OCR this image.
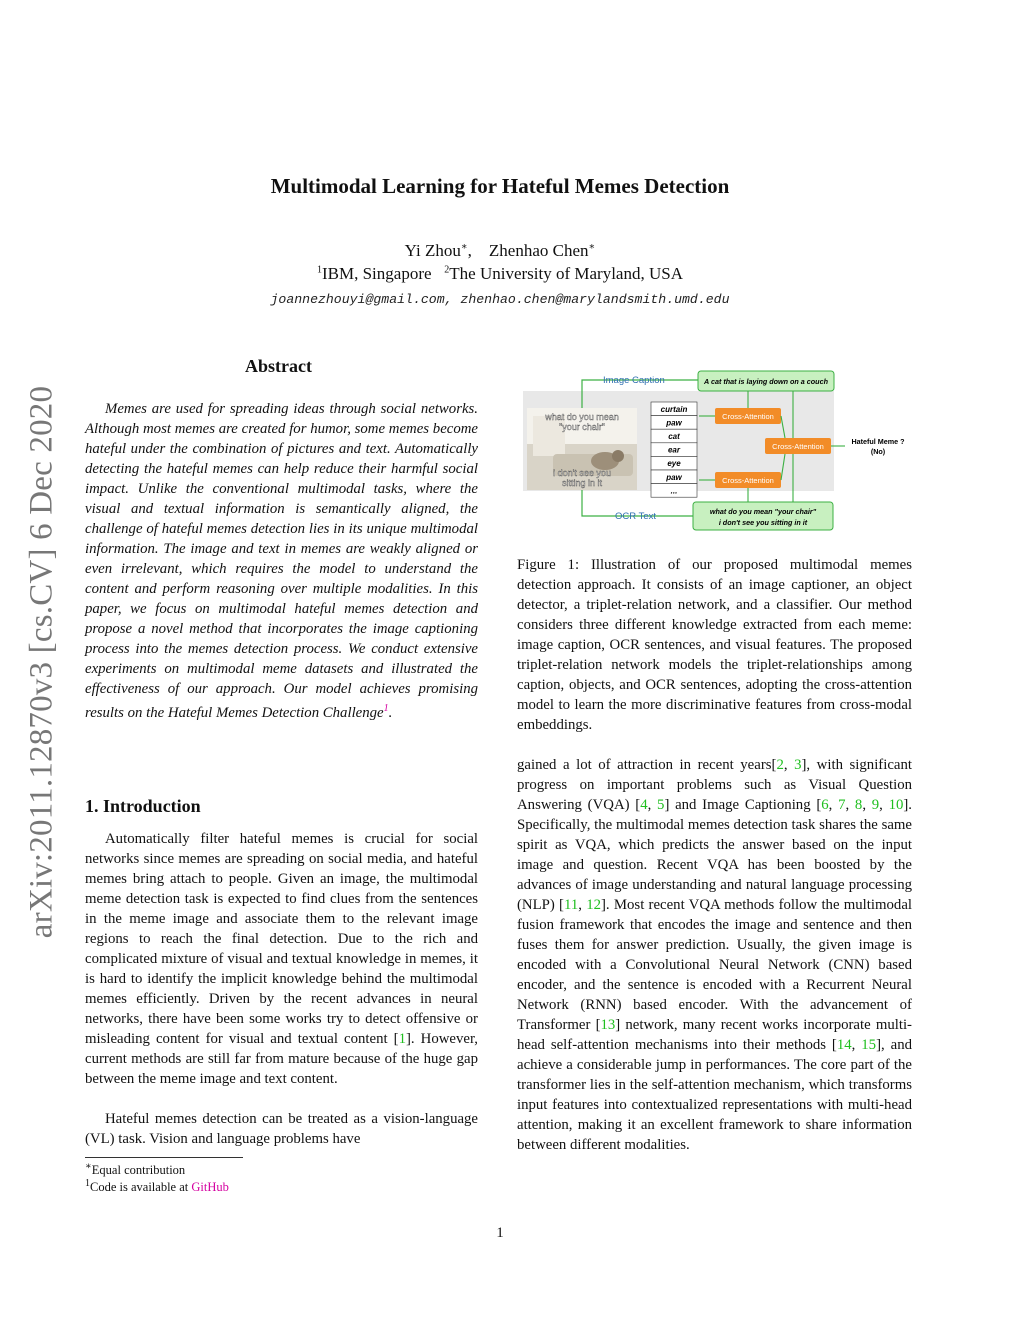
Multimodal Learning for Hateful Memes Detection
Yi Zhou∗, Zhenhao Chen∗
$^1$IBM, Singapore $^2$The University of Maryland, USA
joannezhouyi@gmail.com, zhenhao.chen@marylandsmith.umd.edu
arXiv:2011.12870v3 [cs.CV] 6 Dec 2020
Abstract
Memes are used for spreading ideas through social networks. Although most memes are created for humor, some memes become hateful under the combination of pictures and text. Automatically detecting the hateful memes can help reduce their harmful social impact. Unlike the conventional multimodal tasks, where the visual and textual information is semantically aligned, the challenge of hateful memes detection lies in its unique multimodal information. The image and text in memes are weakly aligned or even irrelevant, which requires the model to understand the content and perform reasoning over multiple modalities. In this paper, we focus on multimodal hateful memes detection and propose a novel method that incorporates the image captioning process into the memes detection process. We conduct extensive experiments on multimodal meme datasets and illustrated the effectiveness of our approach. Our model achieves promising results on the Hateful Memes Detection Challenge$^1$.
1. Introduction
Automatically filter hateful memes is crucial for social networks since memes are spreading on social media, and hateful memes bring attach to people. Given an image, the multimodal meme detection task is expected to find clues from the sentences in the meme image and associate them to the relevant image regions to reach the final detection. Due to the rich and complicated mixture of visual and textual knowledge in memes, it is hard to identify the implicit knowledge behind the multimodal memes efficiently. Driven by the recent advances in neural networks, there have been some works try to detect offensive or misleading content for visual and textual content [1]. However, current methods are still far from mature because of the huge gap between the meme image and text content.
Hateful memes detection can be treated as a vision-language (VL) task. Vision and language problems have
∗Equal contribution
$^1$Code is available at GitHub
what do you mean
"your chair"
i don't see you
sitting in it
curtain
paw
cat
ear
eye
paw
...
Image Caption	A cat that is laying down on a couch
Cross-Attention
Cross-Attention
Cross-Attention
Hateful Meme ?
(No)
OCR Text	what do you mean "your chair"
i don't see you sitting in it
Figure 1: Illustration of our proposed multimodal memes detection approach. It consists of an image captioner, an object detector, a triplet-relation network, and a classifier. Our method considers three different knowledge extracted from each meme: image caption, OCR sentences, and visual features. The proposed triplet-relation network models the triplet-relationships among caption, objects, and OCR sentences, adopting the cross-attention model to learn the more discriminative features from cross-modal embeddings.
gained a lot of attraction in recent years[2, 3], with significant progress on important problems such as Visual Question Answering (VQA) [4, 5] and Image Captioning [6, 7, 8, 9, 10]. Specifically, the multimodal memes detection task shares the same spirit as VQA, which predicts the answer based on the input image and question. Recent VQA has been boosted by the advances of image understanding and natural language processing (NLP) [11, 12]. Most recent VQA methods follow the multimodal fusion framework that encodes the image and sentence and then fuses them for answer prediction. Usually, the given image is encoded with a Convolutional Neural Network (CNN) based encoder, and the sentence is encoded with a Recurrent Neural Network (RNN) based encoder. With the advancement of Transformer [13] network, many recent works incorporate multi-head self-attention mechanisms into their methods [14, 15], and achieve a considerable jump in performances. The core part of the transformer lies in the self-attention mechanism, which transforms input features into contextualized representations with multi-head attention, making it an excellent framework to share information between different modalities.
1
